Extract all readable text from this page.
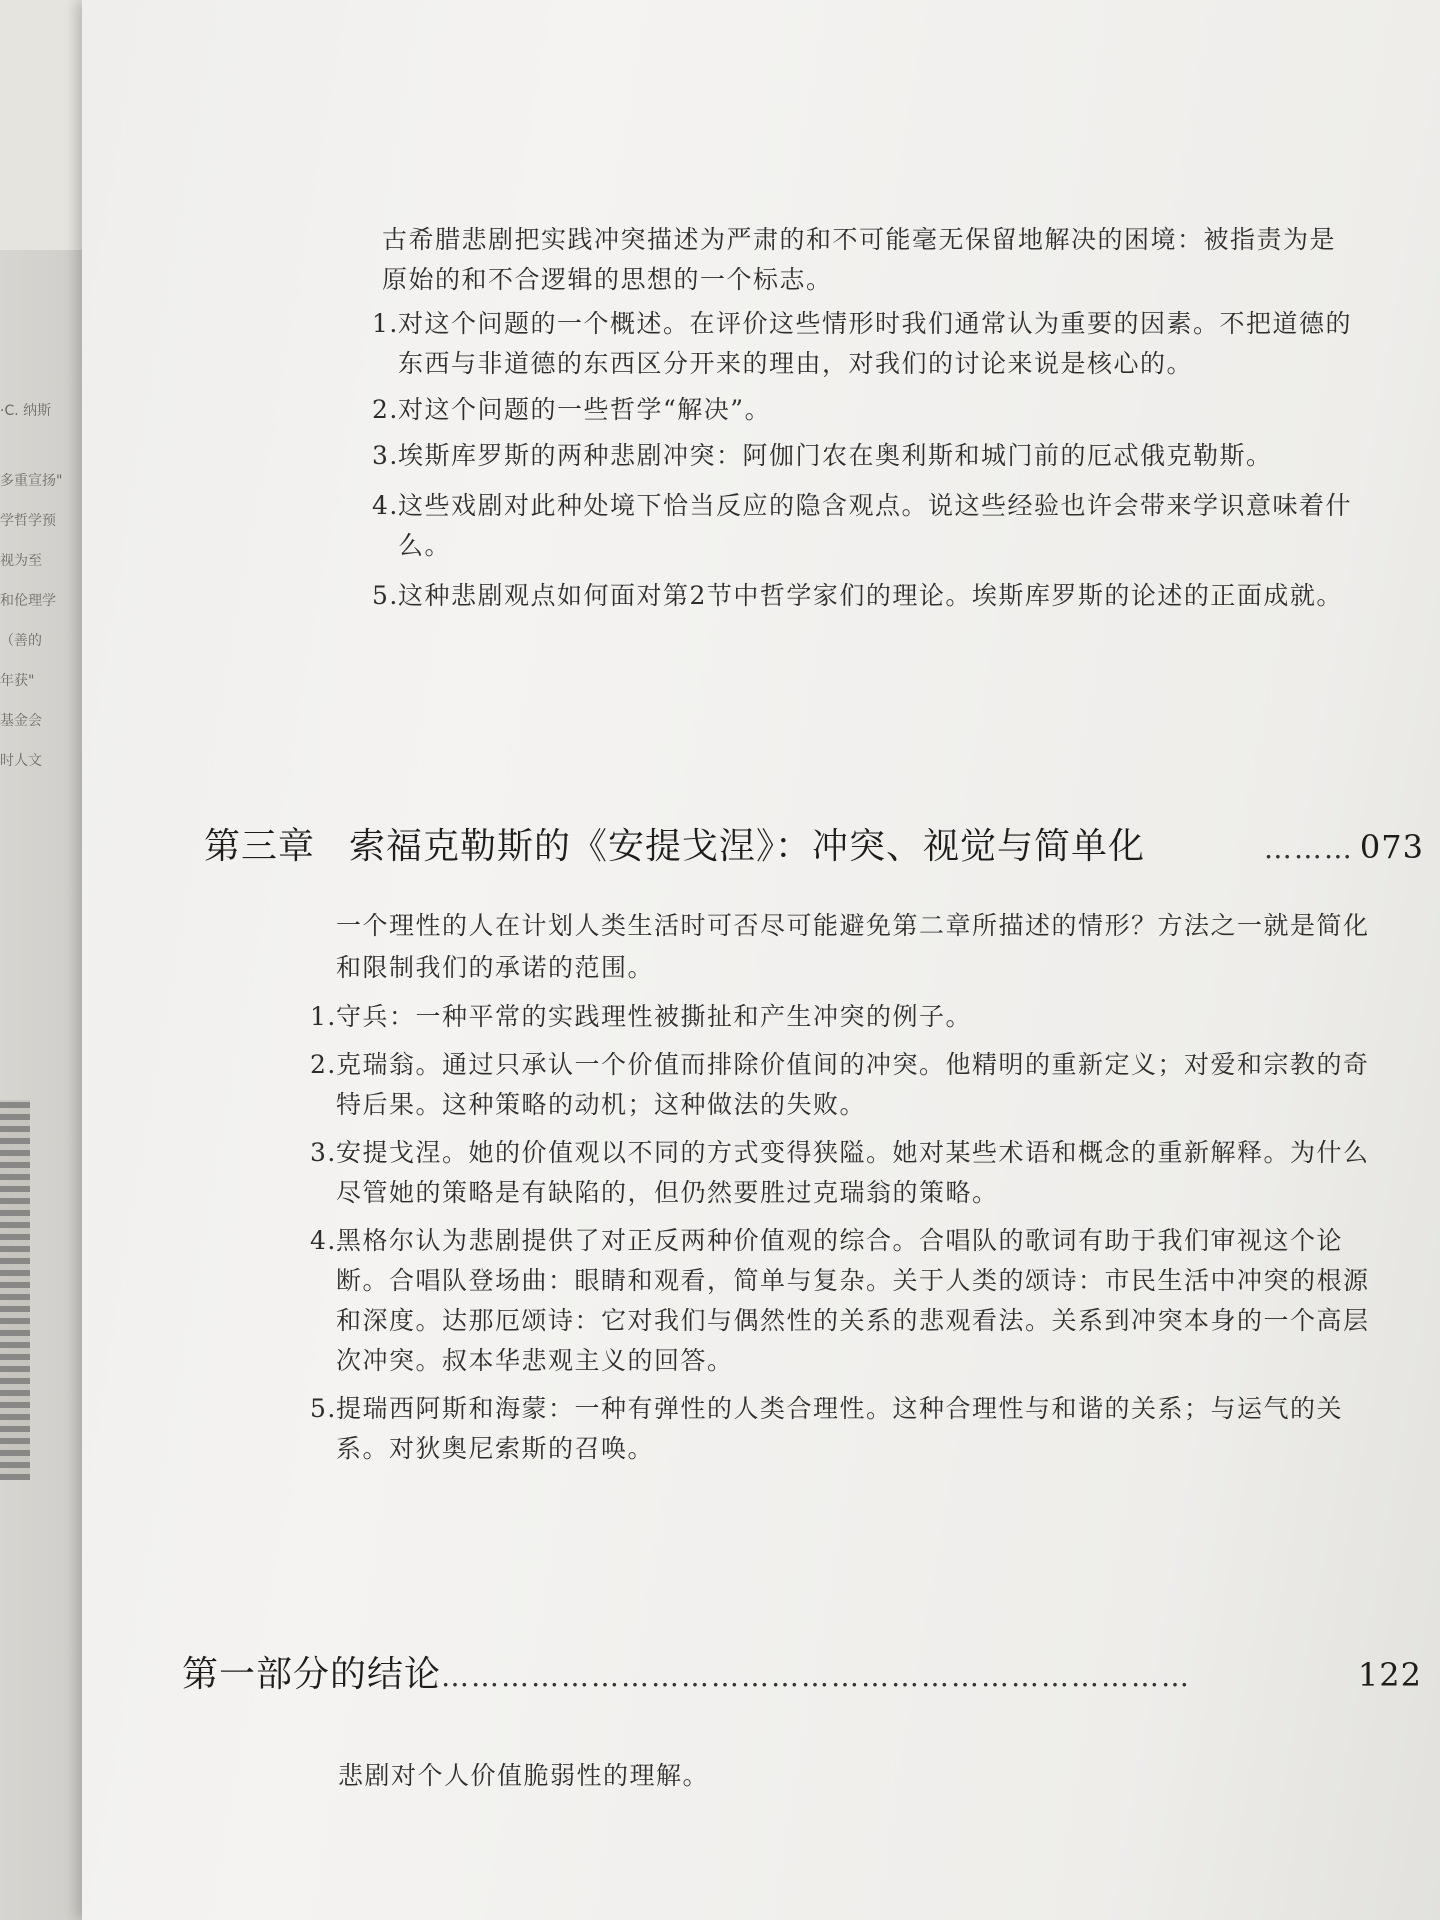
·C. 纳斯
多重宣扬"
学哲学预
视为至
和伦理学
（善的
年获"
基金会
时人文

古希腊悲剧把实践冲突描述为严肃的和不可能毫无保留地解决的困境：被指责为是原始的和不合逻辑的思想的一个标志。

1. 对这个问题的一个概述。在评价这些情形时我们通常认为重要的因素。不把道德的东西与非道德的东西区分开来的理由，对我们的讨论来说是核心的。
2. 对这个问题的一些哲学“解决”。
3. 埃斯库罗斯的两种悲剧冲突：阿伽门农在奥利斯和城门前的厄忒俄克勒斯。
4. 这些戏剧对此种处境下恰当反应的隐含观点。说这些经验也许会带来学识意味着什么。
5. 这种悲剧观点如何面对第2节中哲学家们的理论。埃斯库罗斯的论述的正面成就。
第三章 索福克勒斯的《安提戈涅》：冲突、视觉与简单化	……… 073

一个理性的人在计划人类生活时可否尽可能避免第二章所描述的情形？方法之一就是简化和限制我们的承诺的范围。

1. 守兵：一种平常的实践理性被撕扯和产生冲突的例子。
2. 克瑞翁。通过只承认一个价值而排除价值间的冲突。他精明的重新定义；对爱和宗教的奇特后果。这种策略的动机；这种做法的失败。
3. 安提戈涅。她的价值观以不同的方式变得狭隘。她对某些术语和概念的重新解释。为什么尽管她的策略是有缺陷的，但仍然要胜过克瑞翁的策略。
4. 黑格尔认为悲剧提供了对正反两种价值观的综合。合唱队的歌词有助于我们审视这个论断。合唱队登场曲：眼睛和观看，简单与复杂。关于人类的颂诗：市民生活中冲突的根源和深度。达那厄颂诗：它对我们与偶然性的关系的悲观看法。关系到冲突本身的一个高层次冲突。叔本华悲观主义的回答。
5. 提瑞西阿斯和海蒙：一种有弹性的人类合理性。这种合理性与和谐的关系；与运气的关系。对狄奥尼索斯的召唤。
第一部分的结论 …………………………………………………………………	122

悲剧对个人价值脆弱性的理解。
